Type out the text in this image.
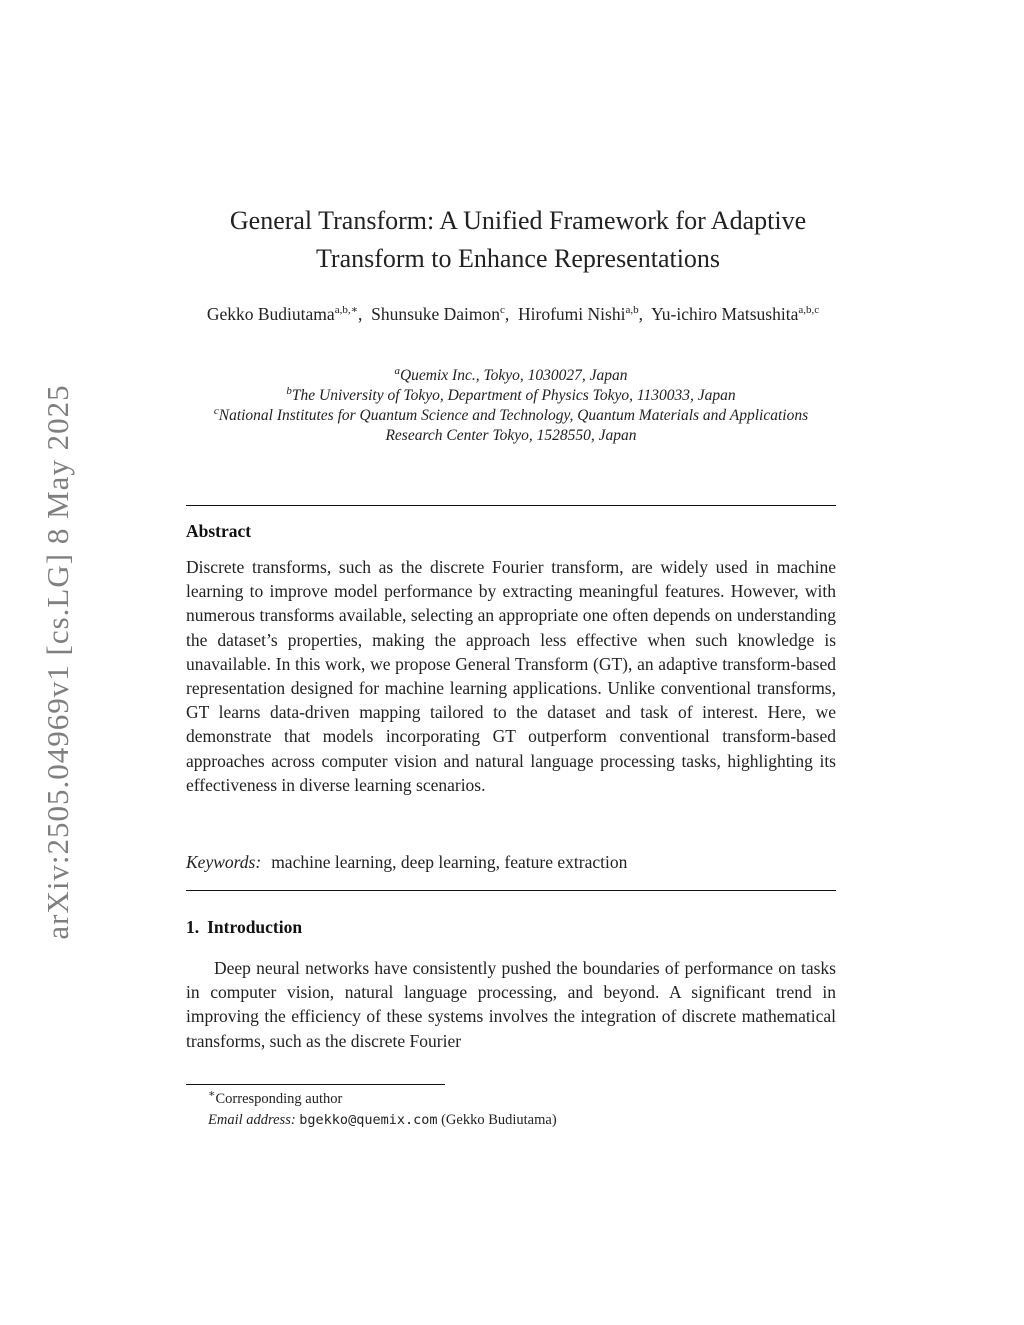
arXiv:2505.04969v1 [cs.LG] 8 May 2025
General Transform: A Unified Framework for Adaptive
Transform to Enhance Representations
Gekko Budiutama$^{a,b,∗}$,  Shunsuke Daimon$^c$,  Hirofumi Nishi$^{a,b}$,  Yu-ichiro Matsushita$^{a,b,c}$
$^a$Quemix Inc., Tokyo, 1030027, Japan
$^b$The University of Tokyo, Department of Physics Tokyo, 1130033, Japan
$^c$National Institutes for Quantum Science and Technology, Quantum Materials and Applications Research Center Tokyo, 1528550, Japan
Abstract

Discrete transforms, such as the discrete Fourier transform, are widely used in machine learning to improve model performance by extracting meaningful features. However, with numerous transforms available, selecting an appropriate one often depends on understanding the dataset’s properties, making the approach less effective when such knowledge is unavailable. In this work, we propose General Transform (GT), an adaptive transform-based representation designed for machine learning applications. Unlike conventional transforms, GT learns data-driven mapping tailored to the dataset and task of interest. Here, we demonstrate that models incorporating GT outperform conventional transform-based approaches across computer vision and natural language processing tasks, highlighting its effectiveness in diverse learning scenarios.

Keywords: machine learning, deep learning, feature extraction
1. Introduction

Deep neural networks have consistently pushed the boundaries of performance on tasks in computer vision, natural language processing, and beyond. A significant trend in improving the efficiency of these systems involves the integration of discrete mathematical transforms, such as the discrete Fourier

∗Corresponding author
Email address: bgekko@quemix.com (Gekko Budiutama)
